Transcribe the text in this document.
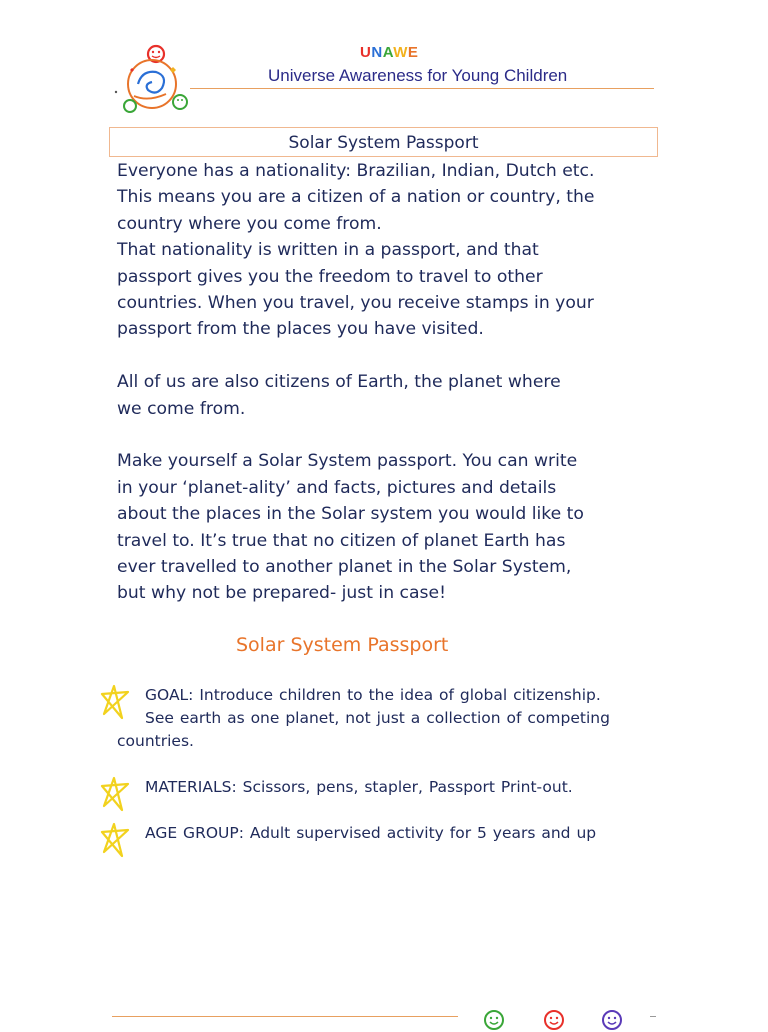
UNAWE
Universe Awareness for Young Children
Solar System Passport

Everyone has a nationality: Brazilian, Indian, Dutch etc.

This means you are a citizen of a nation or country, the

country where you come from.

That nationality is written in a passport, and that

passport gives you the freedom to travel to other

countries. When you travel, you receive stamps in your

passport from the places you have visited.

All of us are also citizens of Earth, the planet where

we come from.

Make yourself a Solar System passport. You can write

in your ‘planet-ality’ and facts, pictures and details

about the places in the Solar system you would like to

travel to. It’s true that no citizen of planet Earth has

ever travelled to another planet in the Solar System,

but why not be prepared- just in case!

Solar System Passport
GOAL: Introduce children to the idea of global citizenship.
See earth as one planet, not just a collection of competing
countries.
MATERIALS: Scissors, pens, stapler, Passport Print-out.
AGE GROUP: Adult supervised activity for 5 years and up
